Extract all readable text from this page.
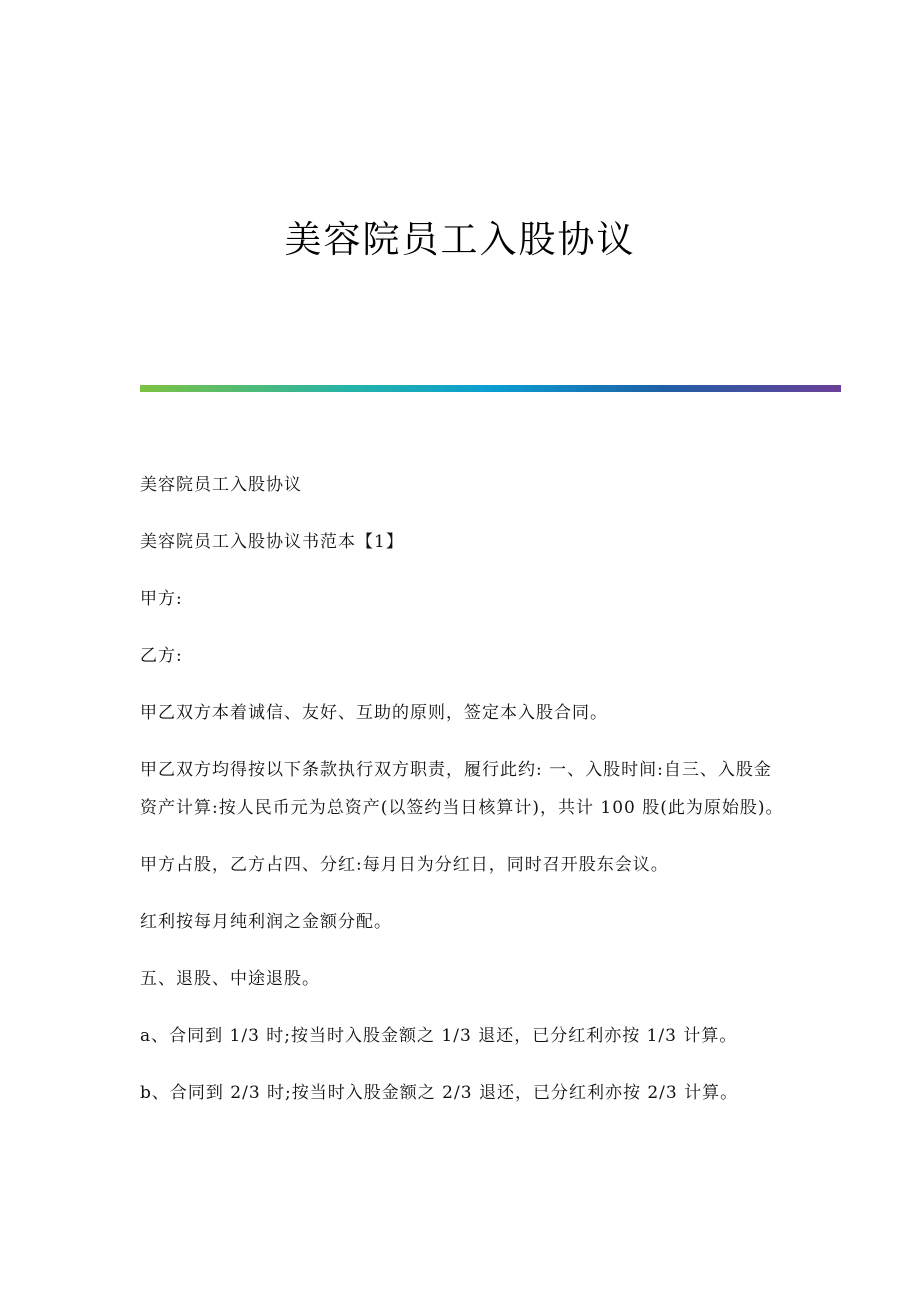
美容院员工入股协议

美容院员工入股协议

美容院员工入股协议书范本【1】

甲方:

乙方:

甲乙双方本着诚信、友好、互助的原则，签定本入股合同。

甲乙双方均得按以下条款执行双方职责，履行此约: 一、入股时间:自三、入股金资产计算:按人民币元为总资产(以签约当日核算计)，共计 100 股(此为原始股)。

甲方占股，乙方占四、分红:每月日为分红日，同时召开股东会议。

红利按每月纯利润之金额分配。

五、退股、中途退股。

a、合同到 1/3 时;按当时入股金额之 1/3 退还，已分红利亦按 1/3 计算。

b、合同到 2/3 时;按当时入股金额之 2/3 退还，已分红利亦按 2/3 计算。
